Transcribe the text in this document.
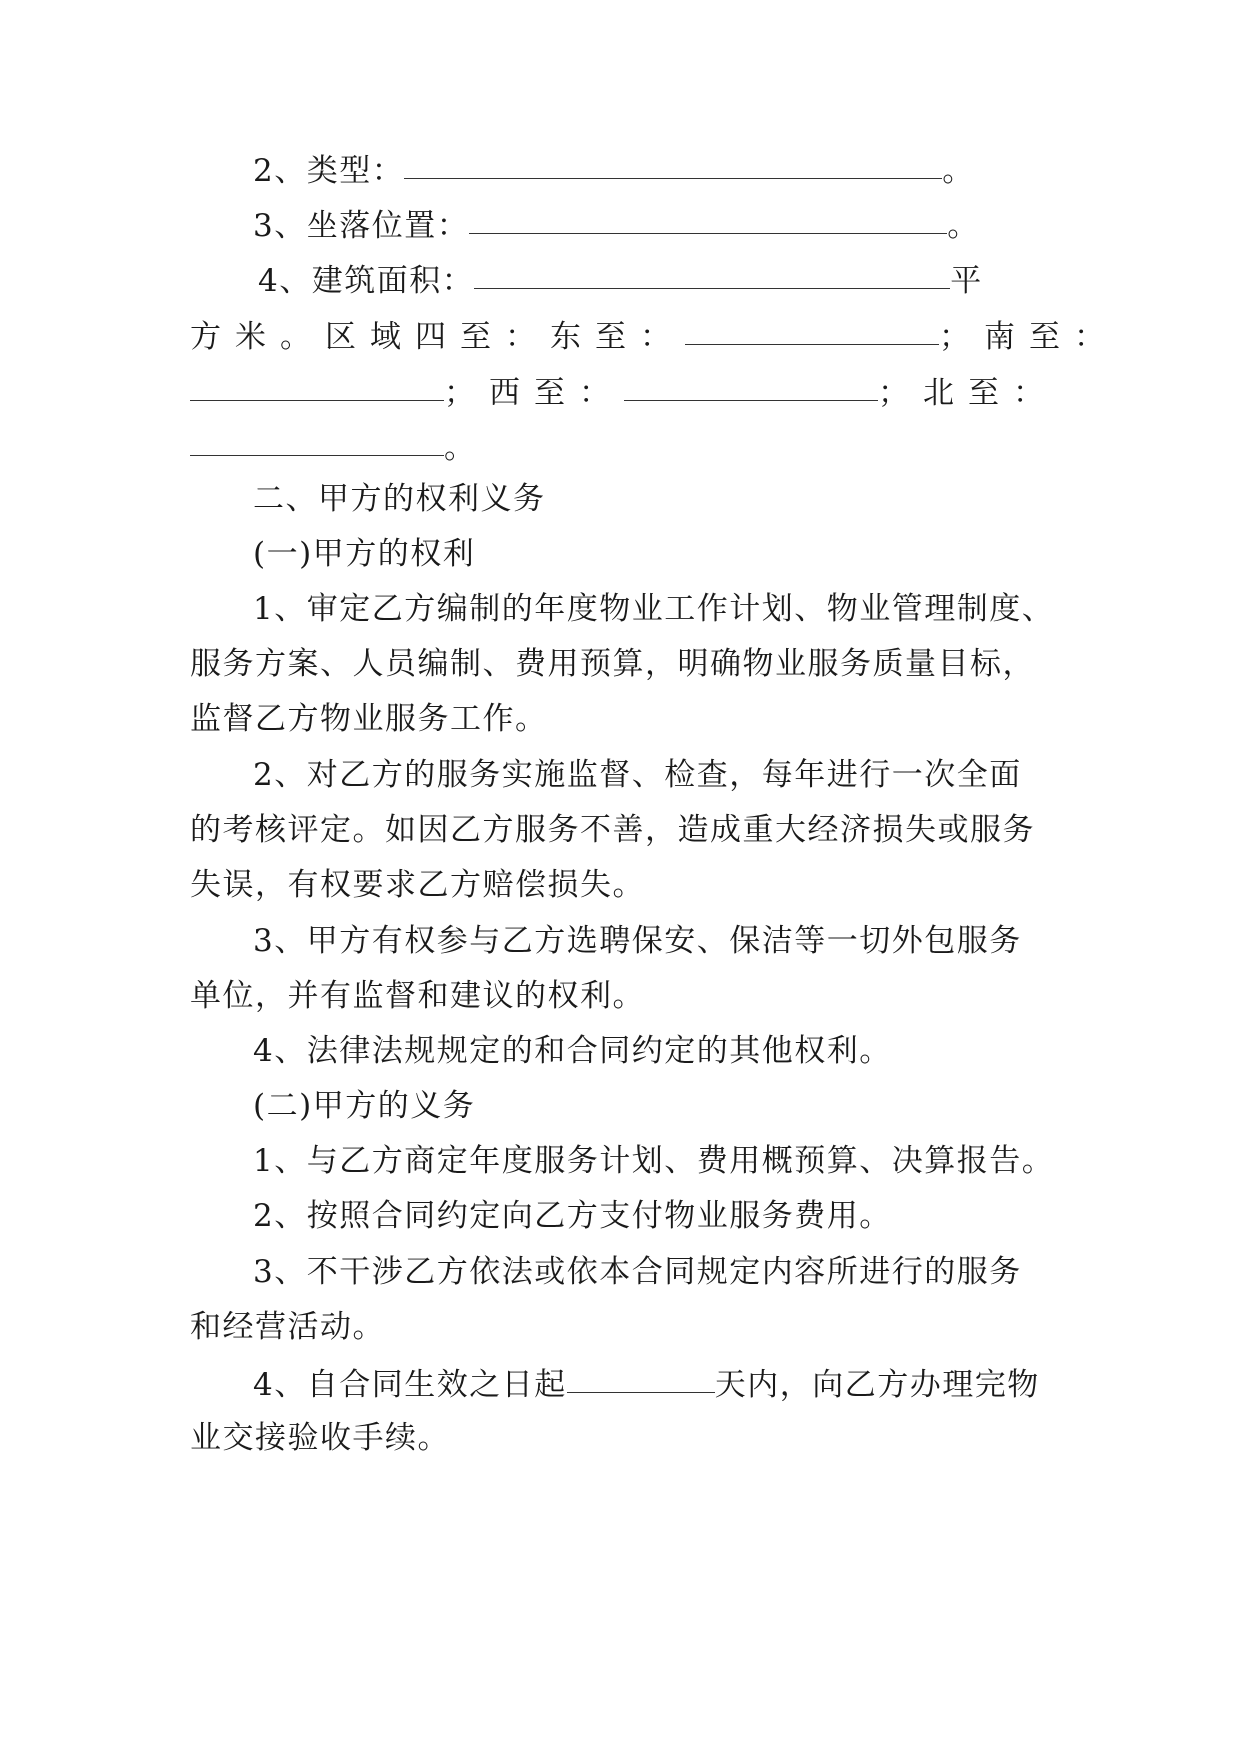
2、类型：	。
3、坐落位置：	。
4、建筑面积：	平
方米。区域四至：东至：	；南至：
；西至：	；北至：
。
二、甲方的权利义务
(一)甲方的权利
1、审定乙方编制的年度物业工作计划、物业管理制度、
服务方案、人员编制、费用预算，明确物业服务质量目标，
监督乙方物业服务工作。
2、对乙方的服务实施监督、检查，每年进行一次全面
的考核评定。如因乙方服务不善，造成重大经济损失或服务
失误，有权要求乙方赔偿损失。
3、甲方有权参与乙方选聘保安、保洁等一切外包服务
单位，并有监督和建议的权利。
4、法律法规规定的和合同约定的其他权利。
(二)甲方的义务
1、与乙方商定年度服务计划、费用概预算、决算报告。
2、按照合同约定向乙方支付物业服务费用。
3、不干涉乙方依法或依本合同规定内容所进行的服务
和经营活动。
4、自合同生效之日起	天内，向乙方办理完物
业交接验收手续。
